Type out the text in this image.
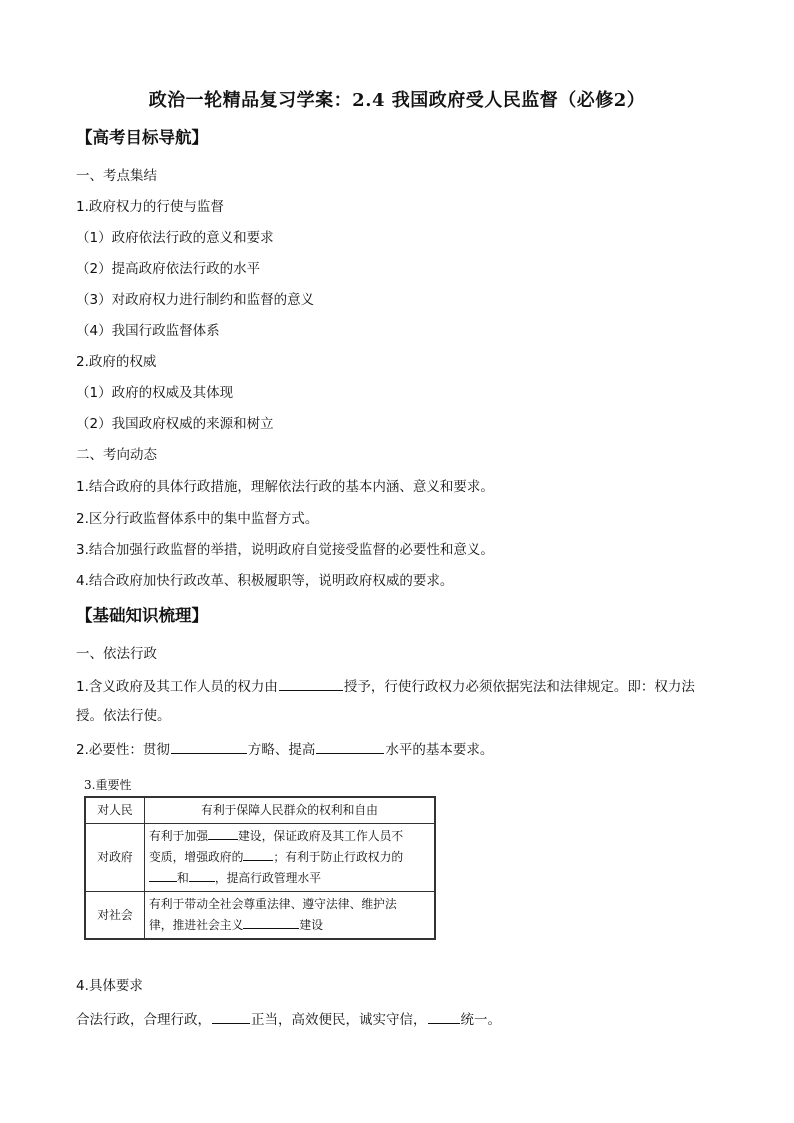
政治一轮精品复习学案：2.4 我国政府受人民监督（必修2）
【高考目标导航】
一、考点集结
1.政府权力的行使与监督
（1）政府依法行政的意义和要求
（2）提高政府依法行政的水平
（3）对政府权力进行制约和监督的意义
（4）我国行政监督体系
2.政府的权威
（1）政府的权威及其体现
（2）我国政府权威的来源和树立
二、考向动态
1.结合政府的具体行政措施，理解依法行政的基本内涵、意义和要求。
2.区分行政监督体系中的集中监督方式。
3.结合加强行政监督的举措，说明政府自觉接受监督的必要性和意义。
4.结合政府加快行政改革、积极履职等，说明政府权威的要求。
【基础知识梳理】
一、依法行政
1.含义政府及其工作人员的权力由	授予，行使行政权力必须依据宪法和法律规定。即：权力法
授。依法行使。
2.必要性：贯彻	方略、提高	水平的基本要求。
3.重要性
对人民	有利于保障人民群众的权利和自由
对政府	有利于加强 建设，保证政府及其工作人员不
变质，增强政府的 ；有利于防止行政权力的
和 ，提高行政管理水平
对社会	有利于带动全社会尊重法律、遵守法律、维护法
律，推进社会主义 建设
4.具体要求
合法行政，合理行政，	正当，高效便民，诚实守信，	统一。
